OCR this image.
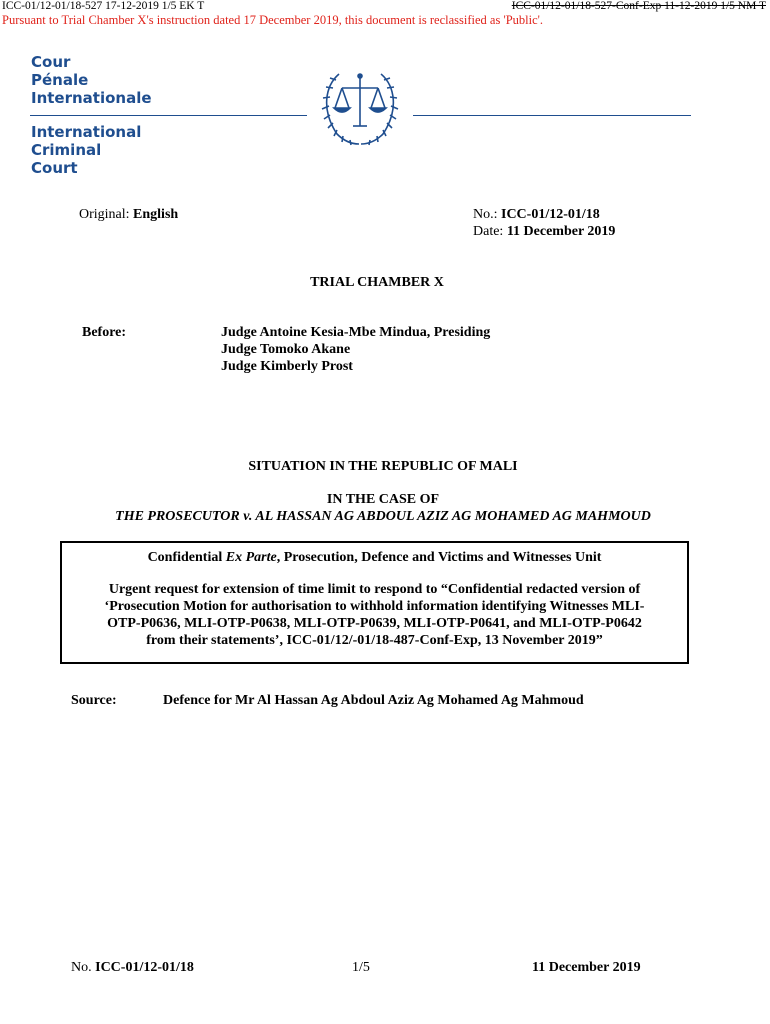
ICC-01/12-01/18-527 17-12-2019 1/5 EK T	ICC-01/12-01/18-527-Conf-Exp 11-12-2019 1/5 NM T
Pursuant to Trial Chamber X's instruction dated 17 December 2019, this document is reclassified as 'Public'.
Cour
Pénale
Internationale
International
Criminal
Court
Original: English	No.: ICC-01/12-01/18
Date: 11 December 2019
TRIAL CHAMBER X
Before:	Judge Antoine Kesia-Mbe Mindua, Presiding
Judge Tomoko Akane
Judge Kimberly Prost
SITUATION IN THE REPUBLIC OF MALI
IN THE CASE OF
THE PROSECUTOR v. AL HASSAN AG ABDOUL AZIZ AG MOHAMED AG MAHMOUD
Confidential Ex Parte, Prosecution, Defence and Victims and Witnesses Unit
Urgent request for extension of time limit to respond to “Confidential redacted version of
‘Prosecution Motion for authorisation to withhold information identifying Witnesses MLI-
OTP-P0636, MLI-OTP-P0638, MLI-OTP-P0639, MLI-OTP-P0641, and MLI-OTP-P0642
from their statements’, ICC-01/12/-01/18-487-Conf-Exp, 13 November 2019”
Source:	Defence for Mr Al Hassan Ag Abdoul Aziz Ag Mohamed Ag Mahmoud
No. ICC-01/12-01/18	1/5	11 December 2019
